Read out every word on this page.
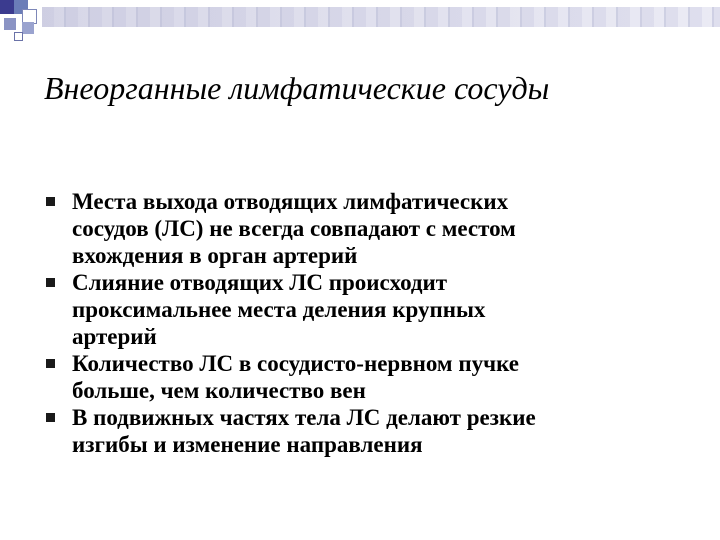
Внеорганные лимфатические сосуды
Места выхода отводящих лимфатических
сосудов (ЛС) не всегда совпадают с местом
вхождения в орган артерий
Слияние отводящих ЛС происходит
проксимальнее места деления крупных
артерий
Количество ЛС в сосудисто-нервном пучке
больше, чем количество вен
В подвижных частях тела ЛС делают резкие
изгибы и изменение направления
